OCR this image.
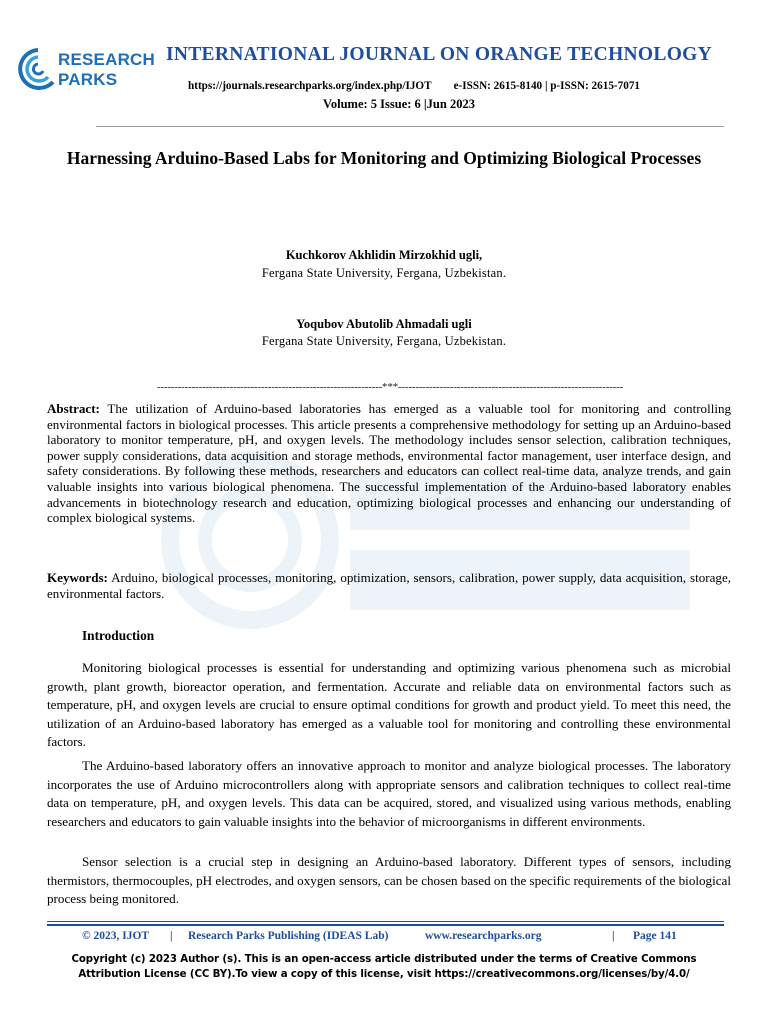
RESEARCH
PARKS
INTERNATIONAL JOURNAL ON ORANGE TECHNOLOGY
https://journals.researchparks.org/index.php/IJOT e-ISSN: 2615-8140 | p-ISSN: 2615-7071
Volume: 5 Issue: 6 |Jun 2023
Harnessing Arduino-Based Labs for Monitoring and Optimizing Biological Processes
Kuchkorov Akhlidin Mirzokhid ugli,
Fergana State University, Fergana, Uzbekistan.
Yoqubov Abutolib Ahmadali ugli
Fergana State University, Fergana, Uzbekistan.
-----------------------------------------------------------------***-----------------------------------------------------------------
Abstract: The utilization of Arduino-based laboratories has emerged as a valuable tool for monitoring and controlling environmental factors in biological processes. This article presents a comprehensive methodology for setting up an Arduino-based laboratory to monitor temperature, pH, and oxygen levels. The methodology includes sensor selection, calibration techniques, power supply considerations, data acquisition and storage methods, environmental factor management, user interface design, and safety considerations. By following these methods, researchers and educators can collect real-time data, analyze trends, and gain valuable insights into various biological phenomena. The successful implementation of the Arduino-based laboratory enables advancements in biotechnology research and education, optimizing biological processes and enhancing our understanding of complex biological systems.
Keywords: Arduino, biological processes, monitoring, optimization, sensors, calibration, power supply, data acquisition, storage, environmental factors.
Introduction
Monitoring biological processes is essential for understanding and optimizing various phenomena such as microbial growth, plant growth, bioreactor operation, and fermentation. Accurate and reliable data on environmental factors such as temperature, pH, and oxygen levels are crucial to ensure optimal conditions for growth and product yield. To meet this need, the utilization of an Arduino-based laboratory has emerged as a valuable tool for monitoring and controlling these environmental factors.
The Arduino-based laboratory offers an innovative approach to monitor and analyze biological processes. The laboratory incorporates the use of Arduino microcontrollers along with appropriate sensors and calibration techniques to collect real-time data on temperature, pH, and oxygen levels. This data can be acquired, stored, and visualized using various methods, enabling researchers and educators to gain valuable insights into the behavior of microorganisms in different environments.
Sensor selection is a crucial step in designing an Arduino-based laboratory. Different types of sensors, including thermistors, thermocouples, pH electrodes, and oxygen sensors, can be chosen based on the specific requirements of the biological process being monitored.
© 2023, IJOT | Research Parks Publishing (IDEAS Lab)	www.researchparks.org	| Page 141
Copyright (c) 2023 Author (s). This is an open-access article distributed under the terms of Creative Commons Attribution License (CC BY).To view a copy of this license, visit https://creativecommons.org/licenses/by/4.0/
